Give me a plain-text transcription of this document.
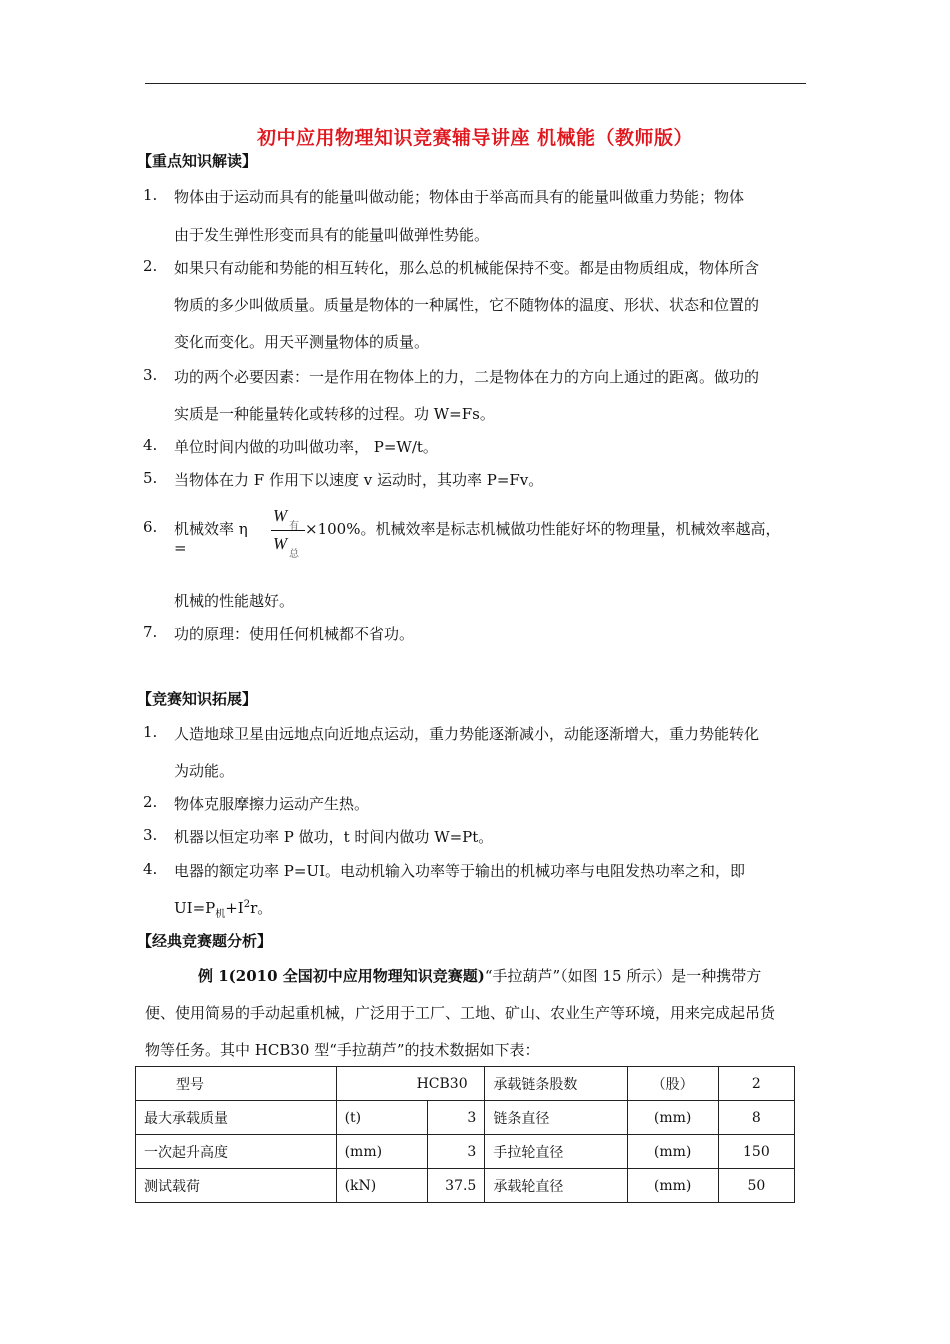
初中应用物理知识竞赛辅导讲座 机械能（教师版）
【重点知识解读】
1. 物体由于运动而具有的能量叫做动能；物体由于举高而具有的能量叫做重力势能；物体
由于发生弹性形变而具有的能量叫做弹性势能。
2. 如果只有动能和势能的相互转化，那么总的机械能保持不变。都是由物质组成，物体所含
物质的多少叫做质量。质量是物体的一种属性，它不随物体的温度、形状、状态和位置的
变化而变化。用天平测量物体的质量。
3. 功的两个必要因素：一是作用在物体上的力，二是物体在力的方向上通过的距离。做功的
实质是一种能量转化或转移的过程。功 W=Fs。
4. 单位时间内做的功叫做功率， P=W/t。
5. 当物体在力 F 作用下以速度 v 运动时，其功率 P=Fv。
6. 机械效率 η =
W
有
W
总
×100%。机械效率是标志机械做功性能好坏的物理量，机械效率越高，
机械的性能越好。
7. 功的原理：使用任何机械都不省功。
【竞赛知识拓展】
1. 人造地球卫星由远地点向近地点运动，重力势能逐渐减小，动能逐渐增大，重力势能转化
为动能。
2. 物体克服摩擦力运动产生热。
3. 机器以恒定功率 P 做功，t 时间内做功 W=Pt。
4. 电器的额定功率 P=UI。电动机输入功率等于输出的机械功率与电阻发热功率之和，即
$UI=P_机+I^2r$。
【经典竞赛题分析】
例 1(2010 全国初中应用物理知识竞赛题)“手拉葫芦”（如图 15 所示）是一种携带方
便、使用简易的手动起重机械，广泛用于工厂、工地、矿山、农业生产等环境，用来完成起吊货
物等任务。其中 HCB30 型“手拉葫芦”的技术数据如下表：
型号	HCB30		承载链条股数	（股）	2
最大承载质量	(t)	3	链条直径	(mm)	8
一次起升高度	(mm)	3	手拉轮直径	(mm)	150
测试载荷	(kN)	37.5	承载轮直径	(mm)	50
